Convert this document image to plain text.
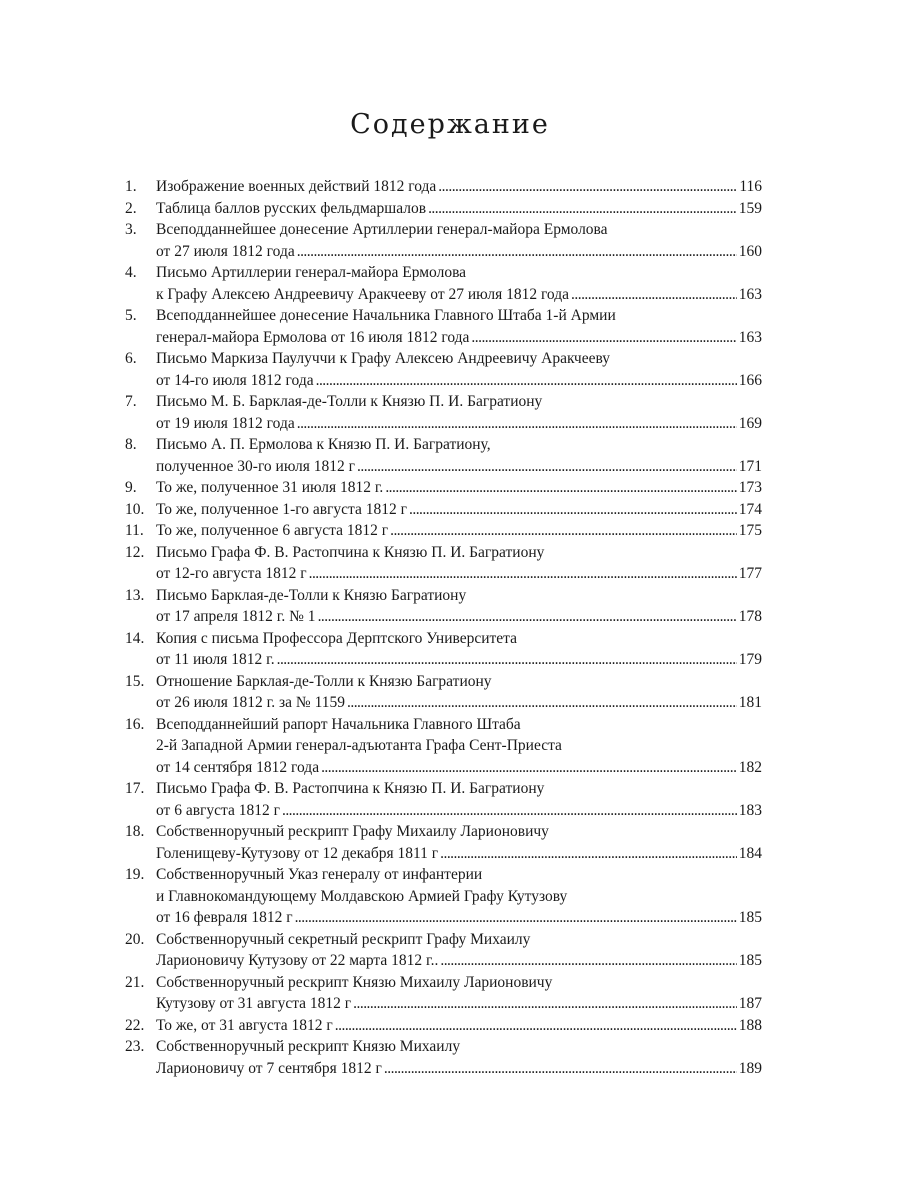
Содержание
1. Изображение военных действий 1812 года . . .	116
2. Таблица баллов русских фельдмаршалов . . .	159
3. Всеподданнейшее донесение Артиллерии генерал-майора Ермолова
от 27 июля 1812 года . . .	160
4. Письмо Артиллерии генерал-майора Ермолова
к Графу Алексею Андреевичу Аракчееву от 27 июля 1812 года . . .	163
5. Всеподданнейшее донесение Начальника Главного Штаба 1-й Армии
генерал-майора Ермолова от 16 июля 1812 года . . .	163
6. Письмо Маркиза Паулуччи к Графу Алексею Андреевичу Аракчееву
от 14-го июля 1812 года . . .	166
7. Письмо М. Б. Барклая-де-Толли к Князю П. И. Багратиону
от 19 июля 1812 года . . .	169
8. Письмо А. П. Ермолова к Князю П. И. Багратиону,
полученное 30-го июля 1812 г . . .	171
9. То же, полученное 31 июля 1812 г. . . .	173
10. То же, полученное 1-го августа 1812 г . . .	174
11. То же, полученное 6 августа 1812 г . . .	175
12. Письмо Графа Ф. В. Растопчина к Князю П. И. Багратиону
от 12-го августа 1812 г . . .	177
13. Письмо Барклая-де-Толли к Князю Багратиону
от 17 апреля 1812 г. № 1 . . .	178
14. Копия с письма Профессора Дерптского Университета
от 11 июля 1812 г. . . .	179
15. Отношение Барклая-де-Толли к Князю Багратиону
от 26 июля 1812 г. за № 1159 . . .	181
16. Всеподданнейший рапорт Начальника Главного Штаба
2-й Западной Армии генерал-адъютанта Графа Сент-Приеста
от 14 сентября 1812 года . . .	182
17. Письмо Графа Ф. В. Растопчина к Князю П. И. Багратиону
от 6 августа 1812 г . . .	183
18. Собственноручный рескрипт Графу Михаилу Ларионовичу
Голенищеву-Кутузову от 12 декабря 1811 г . . .	184
19. Собственноручный Указ генералу от инфантерии
и Главнокомандующему Молдавскою Армией Графу Кутузову
от 16 февраля 1812 г . . .	185
20. Собственноручный секретный рескрипт Графу Михаилу
Ларионовичу Кутузову от 22 марта 1812 г.. . . .	185
21. Собственноручный рескрипт Князю Михаилу Ларионовичу
Кутузову от 31 августа 1812 г . . .	187
22. То же, от 31 августа 1812 г . . .	188
23. Собственноручный рескрипт Князю Михаилу
Ларионовичу от 7 сентября 1812 г . . .	189
